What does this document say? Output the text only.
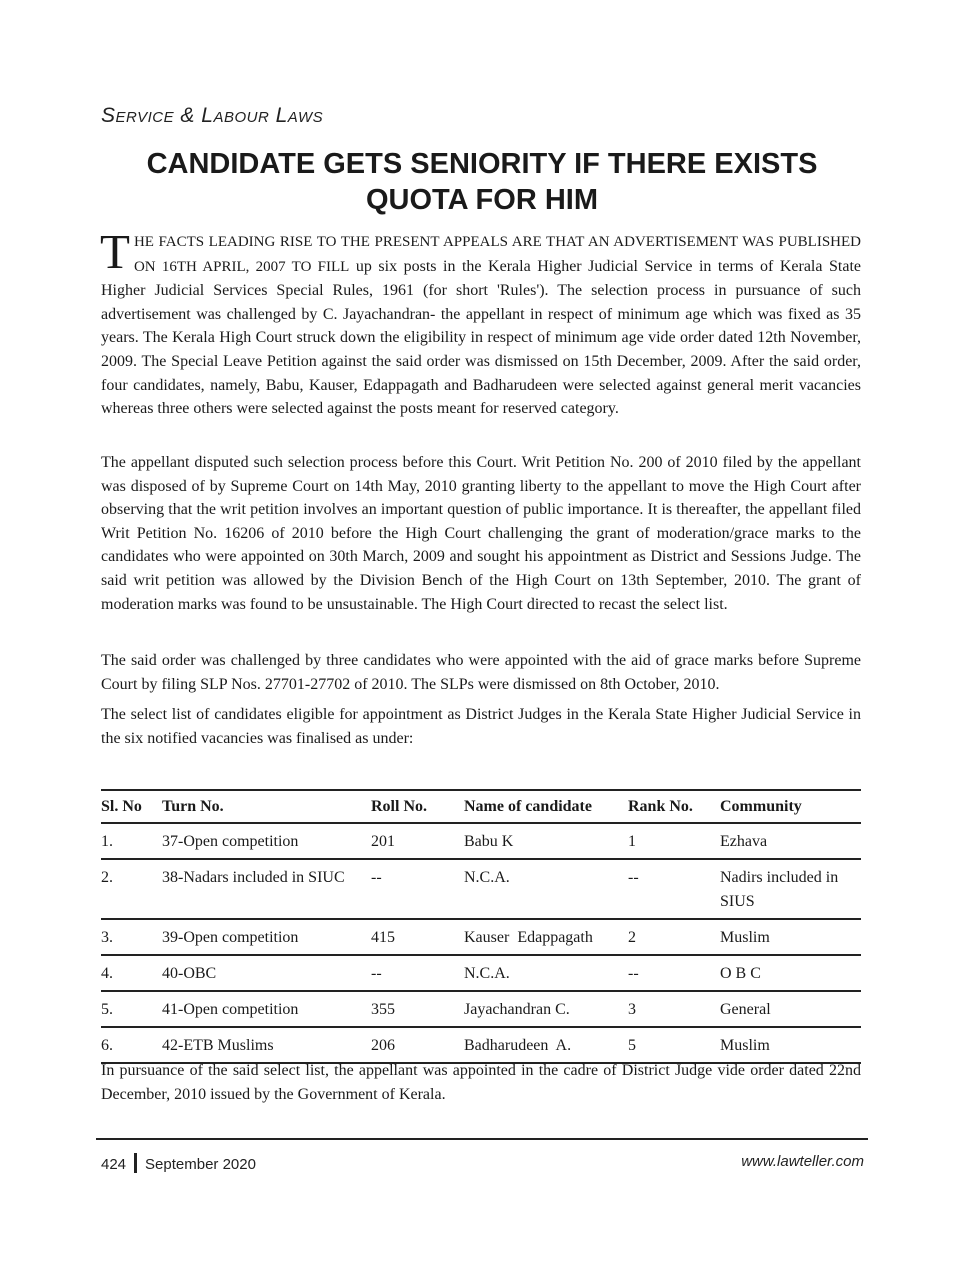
Service & Labour Laws
CANDIDATE GETS SENIORITY IF THERE EXISTS QUOTA FOR HIM
THE FACTS LEADING RISE TO THE PRESENT APPEALS ARE THAT AN ADVERTISEMENT WAS PUBLISHED ON 16TH APRIL, 2007 TO FILL up six posts in the Kerala Higher Judicial Service in terms of Kerala State Higher Judicial Services Special Rules, 1961 (for short 'Rules'). The selection process in pursuance of such advertisement was challenged by C. Jayachandran- the appellant in respect of minimum age which was fixed as 35 years. The Kerala High Court struck down the eligibility in respect of minimum age vide order dated 12th November, 2009. The Special Leave Petition against the said order was dismissed on 15th December, 2009. After the said order, four candidates, namely, Babu, Kauser, Edappagath and Badharudeen were selected against general merit vacancies whereas three others were selected against the posts meant for reserved category.
The appellant disputed such selection process before this Court. Writ Petition No. 200 of 2010 filed by the appellant was disposed of by Supreme Court on 14th May, 2010 granting liberty to the appellant to move the High Court after observing that the writ petition involves an important question of public importance. It is thereafter, the appellant filed Writ Petition No. 16206 of 2010 before the High Court challenging the grant of moderation/grace marks to the candidates who were appointed on 30th March, 2009 and sought his appointment as District and Sessions Judge. The said writ petition was allowed by the Division Bench of the High Court on 13th September, 2010. The grant of moderation marks was found to be unsustainable. The High Court directed to recast the select list.
The said order was challenged by three candidates who were appointed with the aid of grace marks before Supreme Court by filing SLP Nos. 27701-27702 of 2010. The SLPs were dismissed on 8th October, 2010.
The select list of candidates eligible for appointment as District Judges in the Kerala State Higher Judicial Service in the six notified vacancies was finalised as under:
Sl. No	Turn No.	Roll No.	Name of candidate	Rank No.	Community

1.	37-Open competition	201	Babu K	1	Ezhava

2.	38-Nadars included in SIUC	--	N.C.A.	--	Nadirs included in SIUS

3.	39-Open competition	415	Kauser  Edappagath	2	Muslim

4.	40-OBC	--	N.C.A.	--	O B C

5.	41-Open competition	355	Jayachandran C.	3	General

6.	42-ETB Muslims	206	Badharudeen  A.	5	Muslim
In pursuance of the said select list, the appellant was appointed in the cadre of District Judge vide order dated 22nd December, 2010 issued by the Government of Kerala.
424 September 2020	www.lawteller.com
